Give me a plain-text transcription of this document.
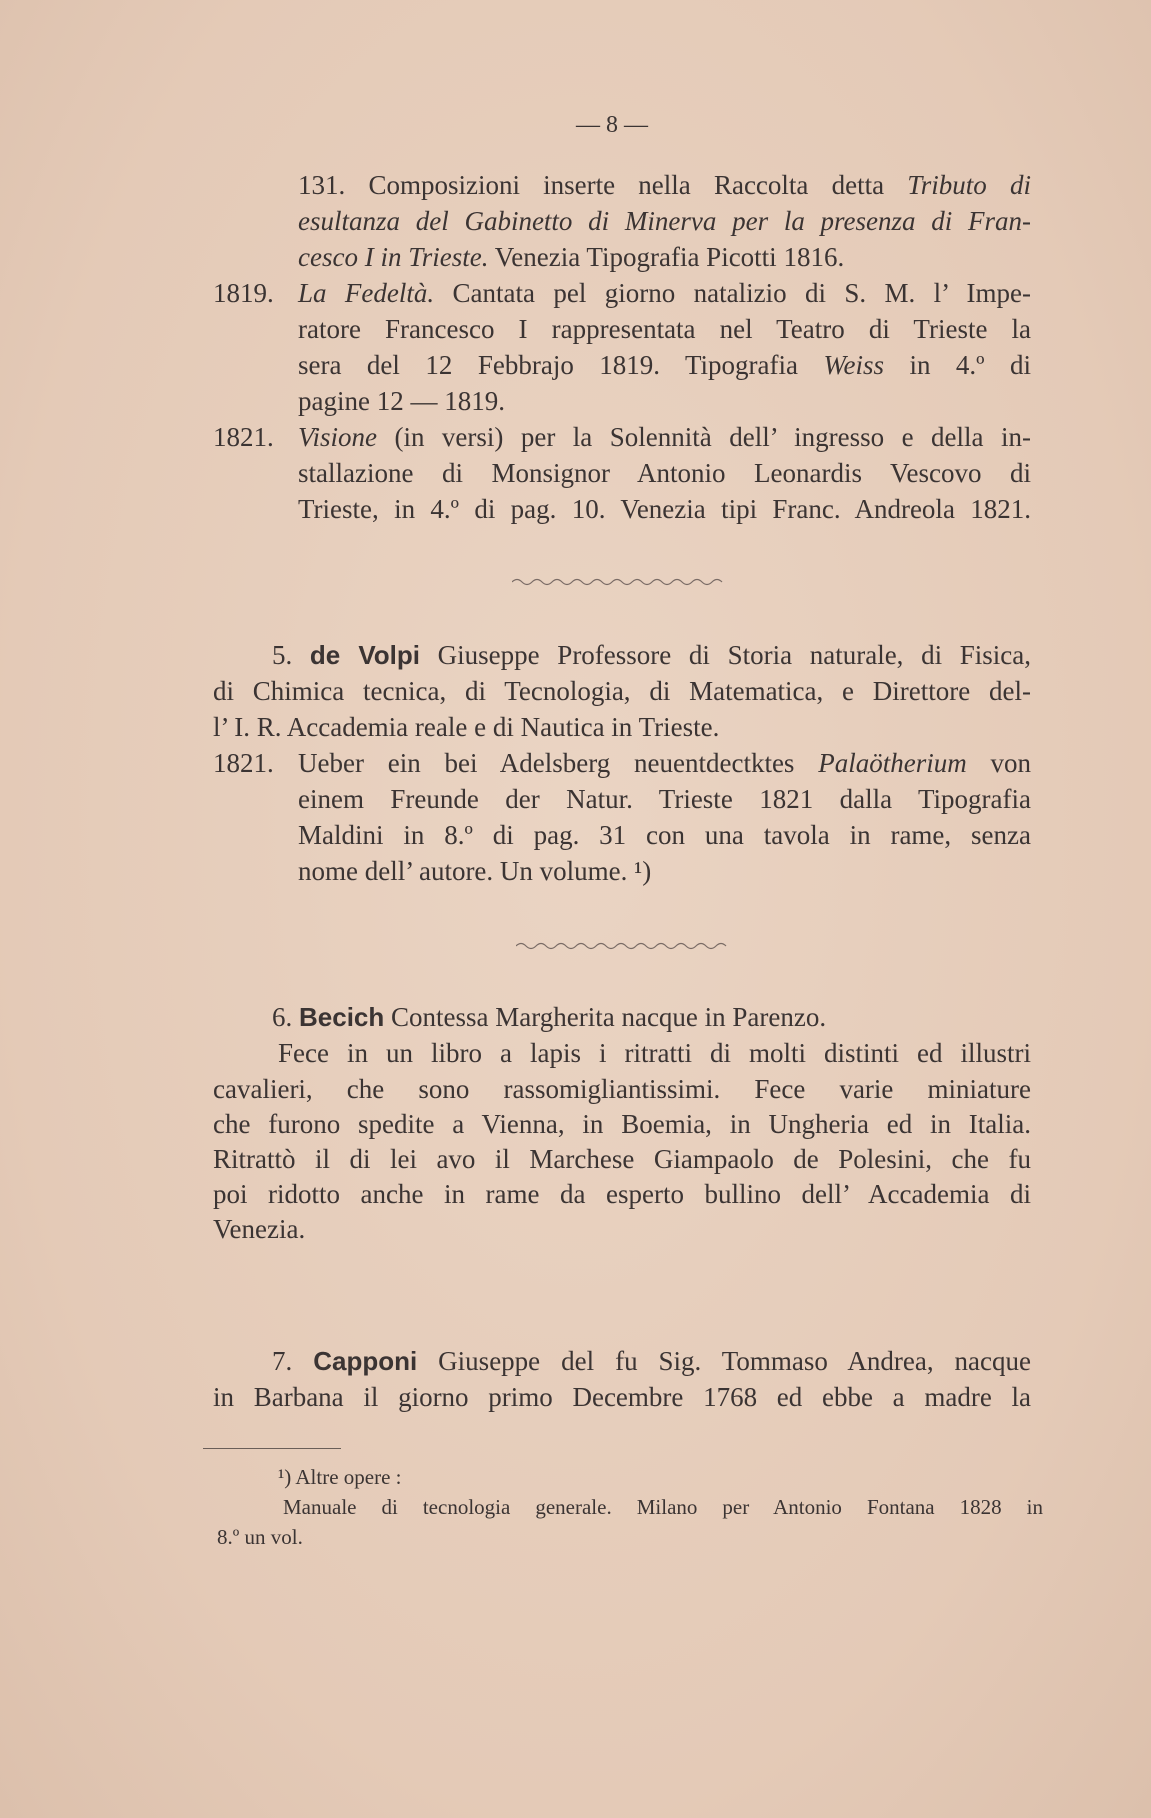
— 8 —
131. Composizioni inserte nella Raccolta detta Tributo di
esultanza del Gabinetto di Minerva per la presenza di Fran-
cesco I in Trieste. Venezia Tipografia Picotti 1816.
1819. La Fedeltà. Cantata pel giorno natalizio di S. M. l’ Impe-
ratore Francesco I rappresentata nel Teatro di Trieste la
sera del 12 Febbrajo 1819. Tipografia Weiss in 4.º di
pagine 12 — 1819.
1821. Visione (in versi) per la Solennità dell’ ingresso e della in-
stallazione di Monsignor Antonio Leonardis Vescovo di
Trieste, in 4.º di pag. 10. Venezia tipi Franc. Andreola 1821.
5. de Volpi Giuseppe Professore di Storia naturale, di Fisica,
di Chimica tecnica, di Tecnologia, di Matematica, e Direttore del-
l’ I. R. Accademia reale e di Nautica in Trieste.
1821. Ueber ein bei Adelsberg neuentdectktes Palaötherium von
einem Freunde der Natur. Trieste 1821 dalla Tipografia
Maldini in 8.º di pag. 31 con una tavola in rame, senza
nome dell’ autore. Un volume. ¹)
6. Becich Contessa Margherita nacque in Parenzo.
Fece in un libro a lapis i ritratti di molti distinti ed illustri
cavalieri, che sono rassomigliantissimi. Fece varie miniature
che furono spedite a Vienna, in Boemia, in Ungheria ed in Italia.
Ritrattò il di lei avo il Marchese Giampaolo de Polesini, che fu
poi ridotto anche in rame da esperto bullino dell’ Accademia di
Venezia.
7. Capponi Giuseppe del fu Sig. Tommaso Andrea, nacque
in Barbana il giorno primo Decembre 1768 ed ebbe a madre la
¹) Altre opere :
Manuale di tecnologia generale. Milano per Antonio Fontana 1828 in
8.º un vol.
